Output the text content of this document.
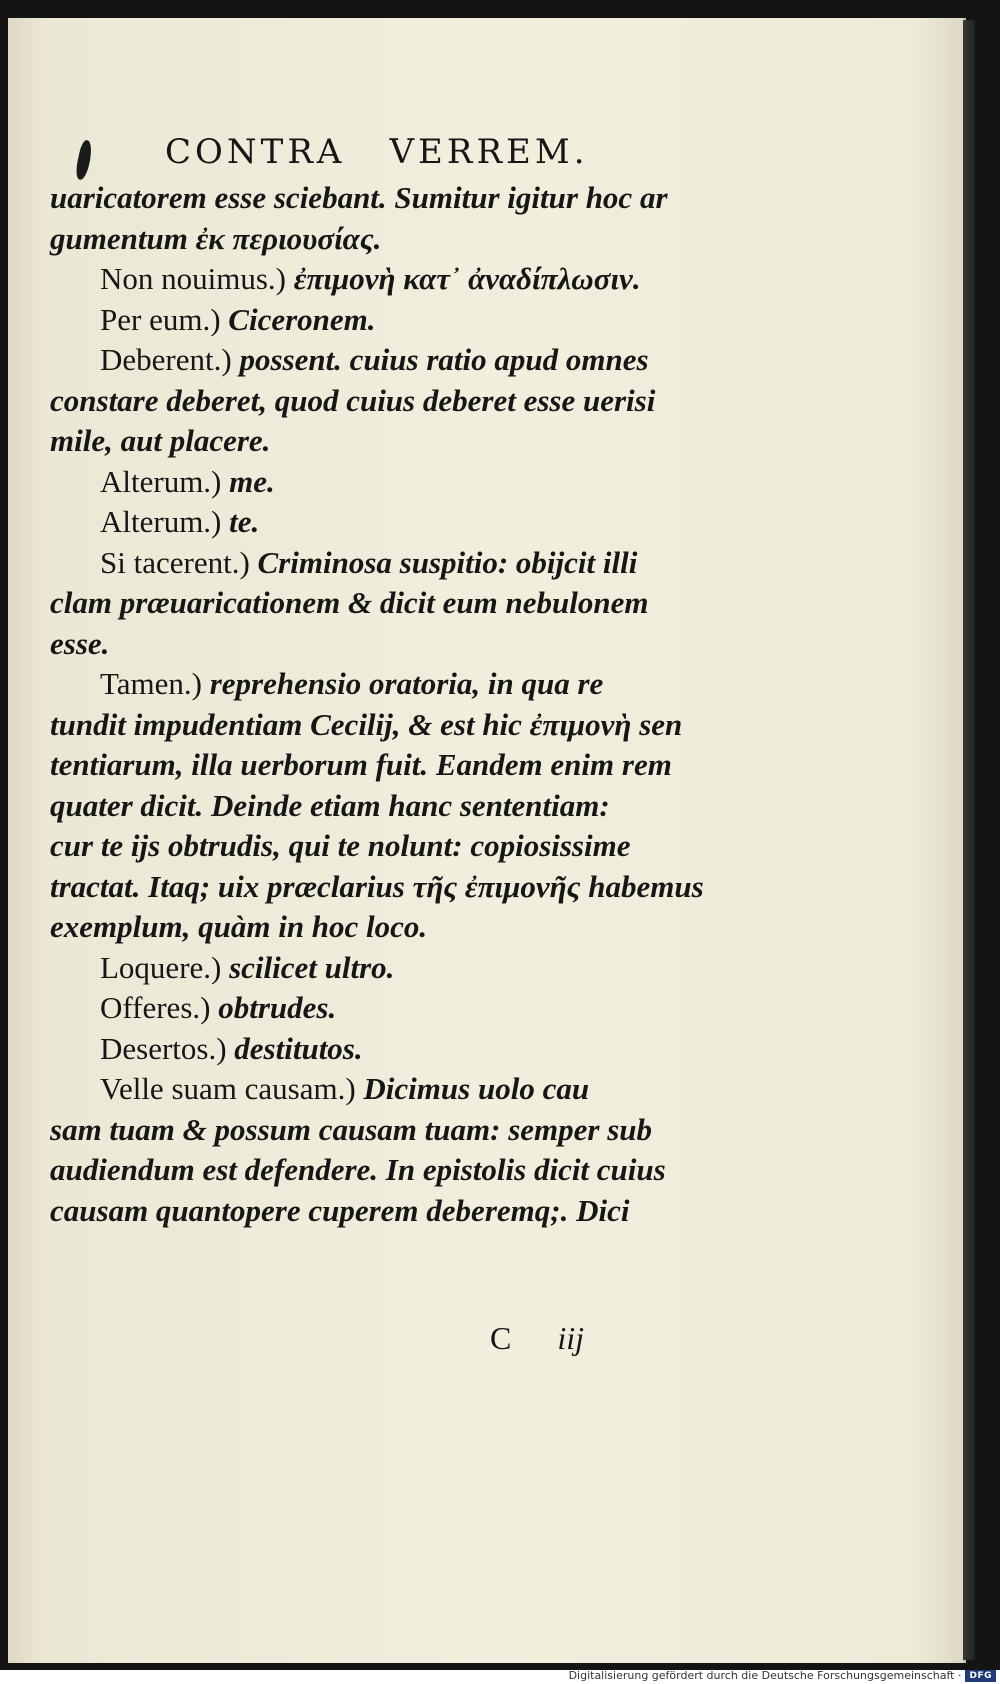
CONTRA VERREM.
uaricatorem esse sciebant. Sumitur igitur hoc ar
gumentum ἐκ περιουσίας.
Non nouimus.) ἐπιμονὴ κατ᾽ ἀναδίπλωσιν.
Per eum.) Ciceronem.
Deberent.) possent. cuius ratio apud omnes
constare deberet, quod cuius deberet esse uerisi
mile, aut placere.
Alterum.) me.
Alterum.) te.
Si tacerent.) Criminosa suspitio: obijcit illi
clam præuaricationem & dicit eum nebulonem
esse.
Tamen.) reprehensio oratoria, in qua re
tundit impudentiam Cecilij, & est hic ἐπιμονὴ sen
tentiarum, illa uerborum fuit. Eandem enim rem
quater dicit. Deinde etiam hanc sententiam:
cur te ijs obtrudis, qui te nolunt: copiosissime
tractat. Itaq; uix præclarius τῆς ἐπιμονῆς habemus
exemplum, quàm in hoc loco.
Loquere.) scilicet ultro.
Offeres.) obtrudes.
Desertos.) destitutos.
Velle suam causam.) Dicimus uolo cau
sam tuam & possum causam tuam: semper sub
audiendum est defendere. In epistolis dicit cuius
causam quantopere cuperem deberemq;. Dici
C iij
Digitalisierung gefördert durch die Deutsche Forschungsgemeinschaft · DFG
